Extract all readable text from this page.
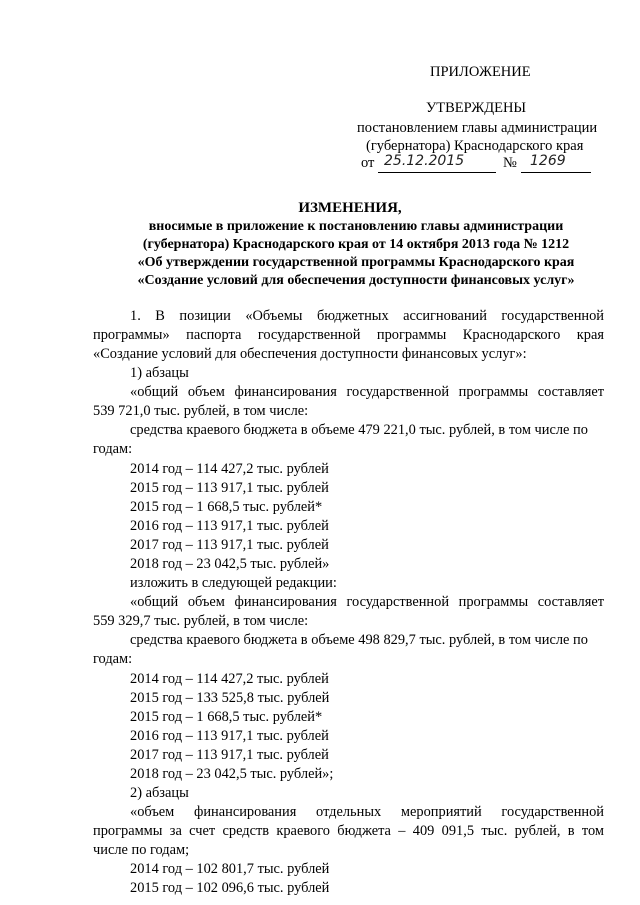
ПРИЛОЖЕНИЕ
УТВЕРЖДЕНЫ
постановлением главы администрации
(губернатора) Краснодарского края
от 25.12.2015	№ 1269
ИЗМЕНЕНИЯ,
вносимые в приложение к постановлению главы администрации
(губернатора) Краснодарского края от 14 октября 2013 года № 1212
«Об утверждении государственной программы Краснодарского края
«Создание условий для обеспечения доступности финансовых услуг»
1. В позиции «Объемы бюджетных ассигнований государственной
программы» паспорта государственной программы Краснодарского края
«Создание условий для обеспечения доступности финансовых услуг»:
1) абзацы
«общий объем финансирования государственной программы составляет
539 721,0 тыс. рублей, в том числе:
средства краевого бюджета в объеме 479 221,0 тыс. рублей, в том числе по
годам:
2014 год – 114 427,2 тыс. рублей
2015 год – 113 917,1 тыс. рублей
2015 год – 1 668,5 тыс. рублей*
2016 год – 113 917,1 тыс. рублей
2017 год – 113 917,1 тыс. рублей
2018 год – 23 042,5 тыс. рублей»
изложить в следующей редакции:
«общий объем финансирования государственной программы составляет
559 329,7 тыс. рублей, в том числе:
средства краевого бюджета в объеме 498 829,7 тыс. рублей, в том числе по
годам:
2014 год – 114 427,2 тыс. рублей
2015 год – 133 525,8 тыс. рублей
2015 год – 1 668,5 тыс. рублей*
2016 год – 113 917,1 тыс. рублей
2017 год – 113 917,1 тыс. рублей
2018 год – 23 042,5 тыс. рублей»;
2) абзацы
«объем финансирования отдельных мероприятий государственной
программы за счет средств краевого бюджета – 409 091,5 тыс. рублей, в том
числе по годам;
2014 год – 102 801,7 тыс. рублей
2015 год – 102 096,6 тыс. рублей
